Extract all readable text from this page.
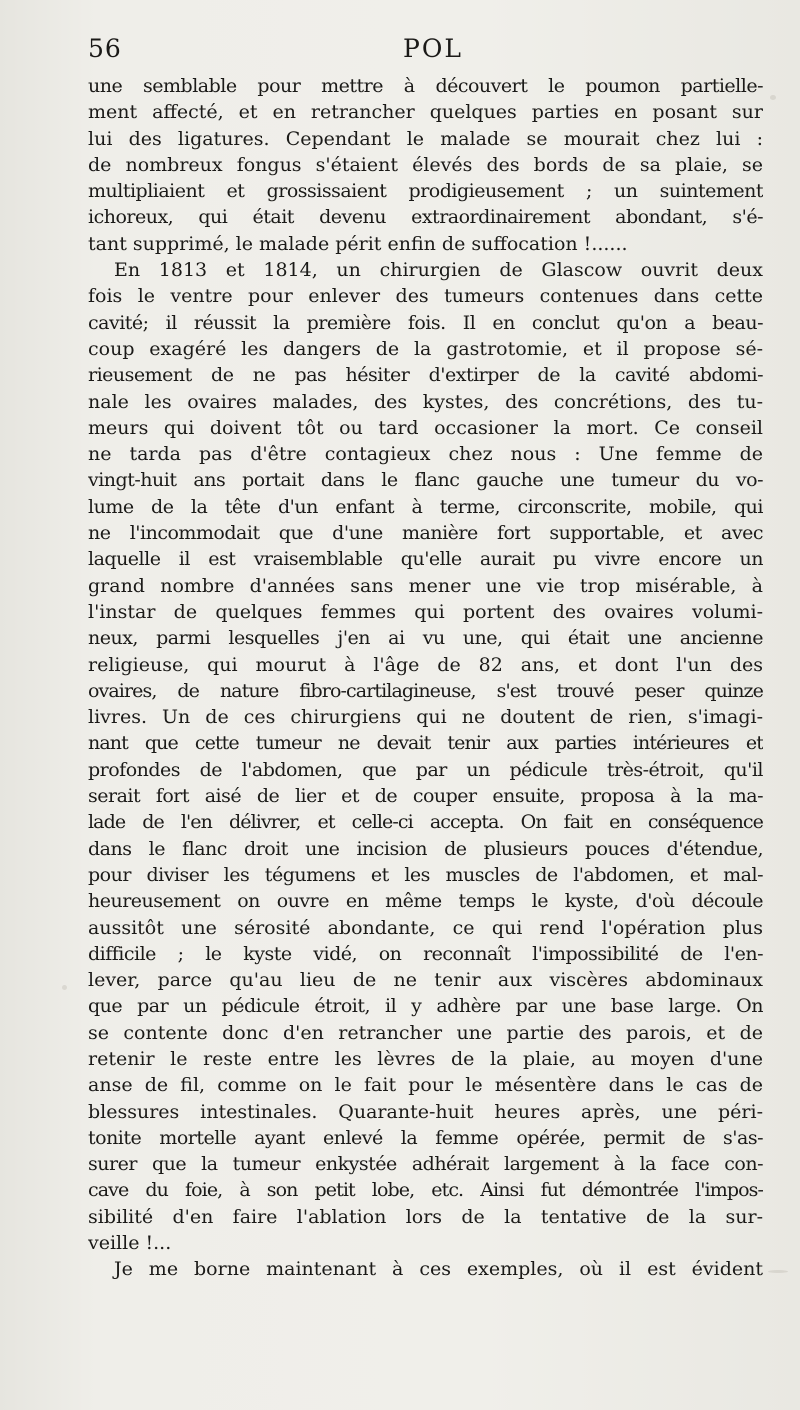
56	POL
une semblable pour mettre à découvert le poumon partielle-
ment affecté, et en retrancher quelques parties en posant sur
lui des ligatures. Cependant le malade se mourait chez lui :
de nombreux fongus s'étaient élevés des bords de sa plaie, se
multipliaient et grossissaient prodigieusement ; un suintement
ichoreux, qui était devenu extraordinairement abondant, s'é-
tant supprimé, le malade périt enfin de suffocation !......
En 1813 et 1814, un chirurgien de Glascow ouvrit deux
fois le ventre pour enlever des tumeurs contenues dans cette
cavité; il réussit la première fois. Il en conclut qu'on a beau-
coup exagéré les dangers de la gastrotomie, et il propose sé-
rieusement de ne pas hésiter d'extirper de la cavité abdomi-
nale les ovaires malades, des kystes, des concrétions, des tu-
meurs qui doivent tôt ou tard occasioner la mort. Ce conseil
ne tarda pas d'être contagieux chez nous : Une femme de
vingt-huit ans portait dans le flanc gauche une tumeur du vo-
lume de la tête d'un enfant à terme, circonscrite, mobile, qui
ne l'incommodait que d'une manière fort supportable, et avec
laquelle il est vraisemblable qu'elle aurait pu vivre encore un
grand nombre d'années sans mener une vie trop misérable, à
l'instar de quelques femmes qui portent des ovaires volumi-
neux, parmi lesquelles j'en ai vu une, qui était une ancienne
religieuse, qui mourut à l'âge de 82 ans, et dont l'un des
ovaires, de nature fibro-cartilagineuse, s'est trouvé peser quinze
livres. Un de ces chirurgiens qui ne doutent de rien, s'imagi-
nant que cette tumeur ne devait tenir aux parties intérieures et
profondes de l'abdomen, que par un pédicule très-étroit, qu'il
serait fort aisé de lier et de couper ensuite, proposa à la ma-
lade de l'en délivrer, et celle-ci accepta. On fait en conséquence
dans le flanc droit une incision de plusieurs pouces d'étendue,
pour diviser les tégumens et les muscles de l'abdomen, et mal-
heureusement on ouvre en même temps le kyste, d'où découle
aussitôt une sérosité abondante, ce qui rend l'opération plus
difficile ; le kyste vidé, on reconnaît l'impossibilité de l'en-
lever, parce qu'au lieu de ne tenir aux viscères abdominaux
que par un pédicule étroit, il y adhère par une base large. On
se contente donc d'en retrancher une partie des parois, et de
retenir le reste entre les lèvres de la plaie, au moyen d'une
anse de fil, comme on le fait pour le mésentère dans le cas de
blessures intestinales. Quarante-huit heures après, une péri-
tonite mortelle ayant enlevé la femme opérée, permit de s'as-
surer que la tumeur enkystée adhérait largement à la face con-
cave du foie, à son petit lobe, etc. Ainsi fut démontrée l'impos-
sibilité d'en faire l'ablation lors de la tentative de la sur-
veille !...
Je me borne maintenant à ces exemples, où il est évident
